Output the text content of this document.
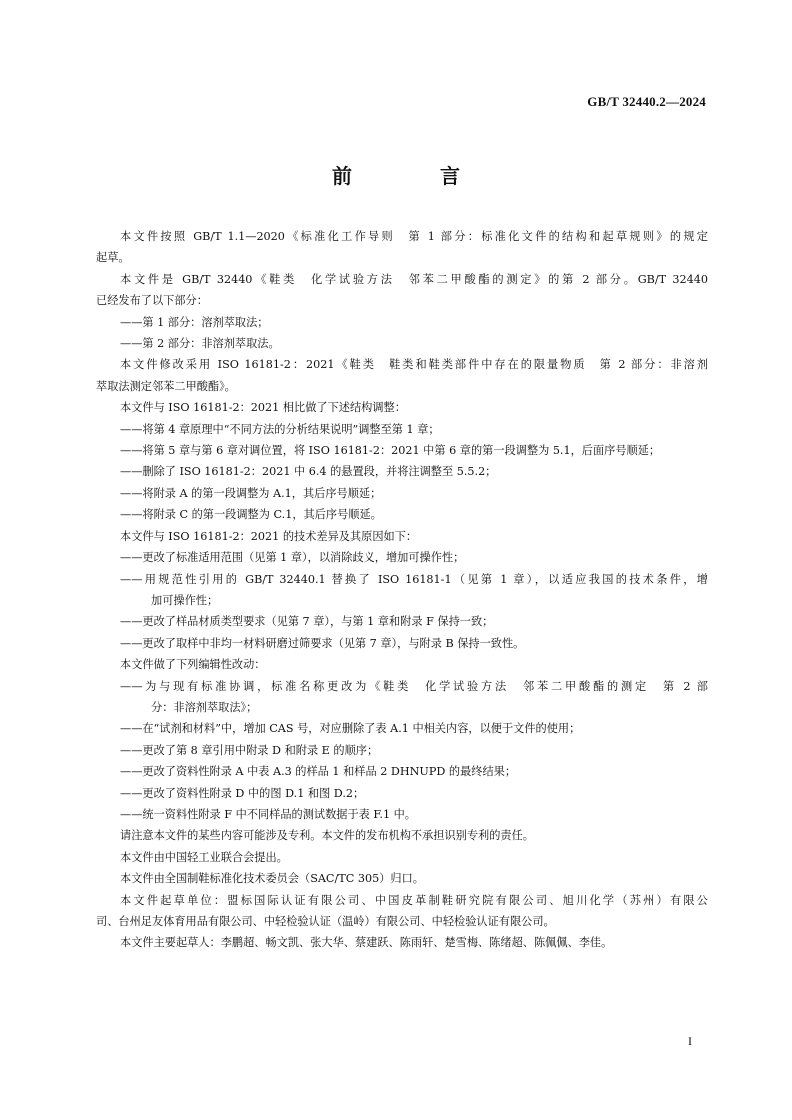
GB/T 32440.2—2024
前　言

本文件按照 GB/T 1.1—2020《标准化工作导则　第 1 部分：标准化文件的结构和起草规则》的规定

起草。

本文件是 GB/T 32440《鞋类　化学试验方法　邻苯二甲酸酯的测定》的第 2 部分。GB/T 32440

已经发布了以下部分：

——第 1 部分：溶剂萃取法；

——第 2 部分：非溶剂萃取法。

本文件修改采用 ISO 16181-2：2021《鞋类　鞋类和鞋类部件中存在的限量物质　第 2 部分：非溶剂

萃取法测定邻苯二甲酸酯》。

本文件与 ISO 16181-2：2021 相比做了下述结构调整：

——将第 4 章原理中“不同方法的分析结果说明”调整至第 1 章；

——将第 5 章与第 6 章对调位置，将 ISO 16181-2：2021 中第 6 章的第一段调整为 5.1，后面序号顺延；

——删除了 ISO 16181-2：2021 中 6.4 的悬置段，并将注调整至 5.5.2；

——将附录 A 的第一段调整为 A.1，其后序号顺延；

——将附录 C 的第一段调整为 C.1，其后序号顺延。

本文件与 ISO 16181-2：2021 的技术差异及其原因如下：

——更改了标准适用范围（见第 1 章），以消除歧义，增加可操作性；

——用规范性引用的 GB/T 32440.1 替换了 ISO 16181-1（见第 1 章），以适应我国的技术条件，增

加可操作性；

——更改了样品材质类型要求（见第 7 章），与第 1 章和附录 F 保持一致；

——更改了取样中非均一材料研磨过筛要求（见第 7 章），与附录 B 保持一致性。

本文件做了下列编辑性改动：

——为与现有标准协调，标准名称更改为《鞋类　化学试验方法　邻苯二甲酸酯的测定　第 2 部

分：非溶剂萃取法》；

——在“试剂和材料”中，增加 CAS 号，对应删除了表 A.1 中相关内容，以便于文件的使用；

——更改了第 8 章引用中附录 D 和附录 E 的顺序；

——更改了资料性附录 A 中表 A.3 的样品 1 和样品 2 DHNUPD 的最终结果；

——更改了资料性附录 D 中的图 D.1 和图 D.2；

——统一资料性附录 F 中不同样品的测试数据于表 F.1 中。

请注意本文件的某些内容可能涉及专利。本文件的发布机构不承担识别专利的责任。

本文件由中国轻工业联合会提出。

本文件由全国制鞋标准化技术委员会（SAC/TC 305）归口。

本文件起草单位：盟标国际认证有限公司、中国皮革制鞋研究院有限公司、旭川化学（苏州）有限公

司、台州足友体育用品有限公司、中轻检验认证（温岭）有限公司、中轻检验认证有限公司。

本文件主要起草人：李鹏超、畅文凯、张大华、蔡建跃、陈雨轩、楚雪梅、陈绪超、陈佩佩、李佳。

I
